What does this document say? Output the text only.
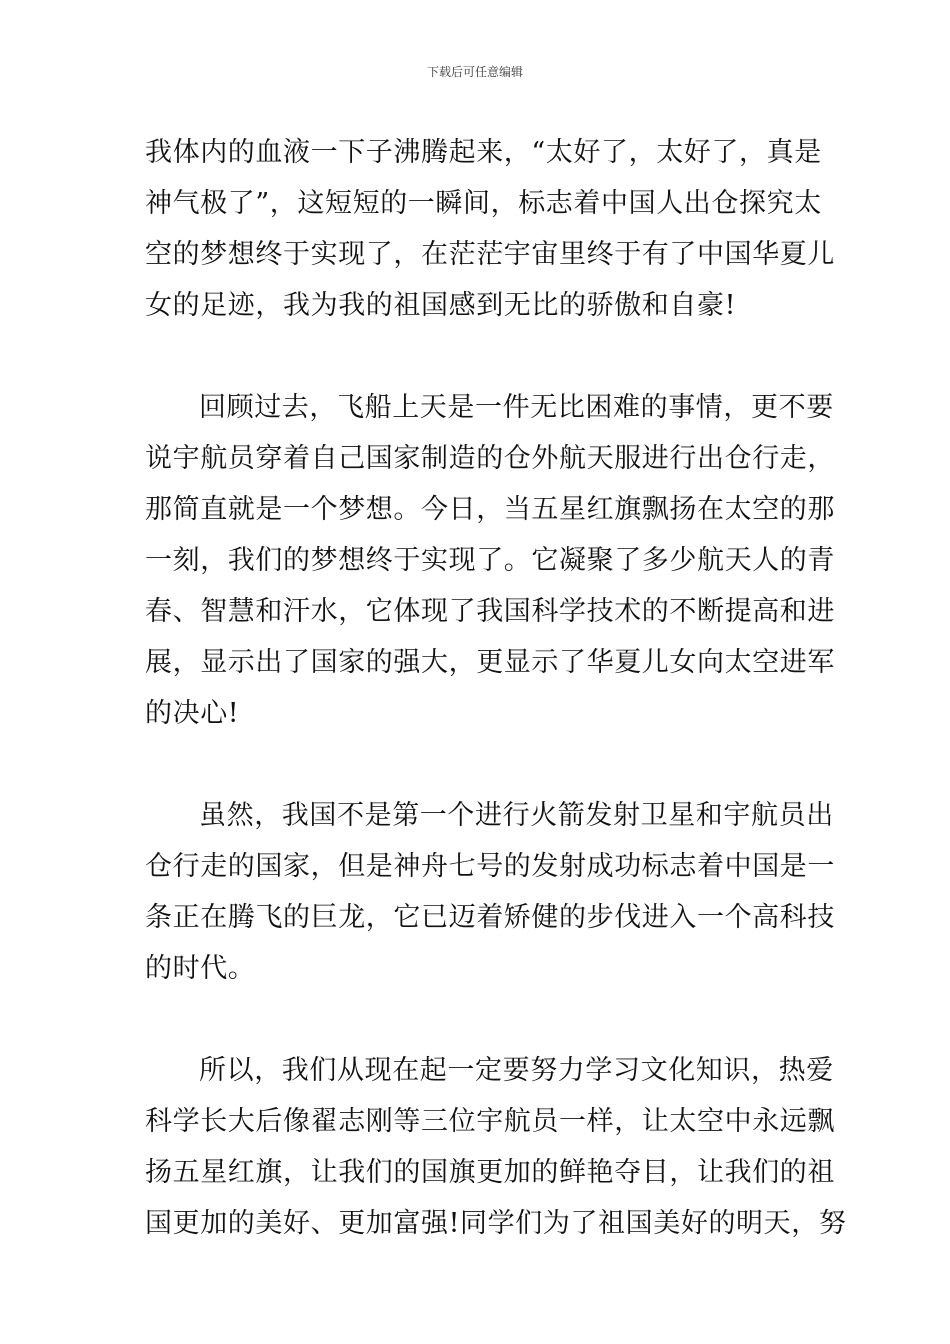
下载后可任意编辑
我体内的血液一下子沸腾起来，“太好了，太好了，真是
神气极了”，这短短的一瞬间，标志着中国人出仓探究太
空的梦想终于实现了，在茫茫宇宙里终于有了中国华夏儿
女的足迹，我为我的祖国感到无比的骄傲和自豪!
回顾过去，飞船上天是一件无比困难的事情，更不要
说宇航员穿着自己国家制造的仓外航天服进行出仓行走，
那简直就是一个梦想。今日，当五星红旗飘扬在太空的那
一刻，我们的梦想终于实现了。它凝聚了多少航天人的青
春、智慧和汗水，它体现了我国科学技术的不断提高和进
展，显示出了国家的强大，更显示了华夏儿女向太空进军
的决心!
虽然，我国不是第一个进行火箭发射卫星和宇航员出
仓行走的国家，但是神舟七号的发射成功标志着中国是一
条正在腾飞的巨龙，它已迈着矫健的步伐进入一个高科技
的时代。
所以，我们从现在起一定要努力学习文化知识，热爱
科学长大后像翟志刚等三位宇航员一样，让太空中永远飘
扬五星红旗，让我们的国旗更加的鲜艳夺目，让我们的祖
国更加的美好、更加富强!同学们为了祖国美好的明天，努
